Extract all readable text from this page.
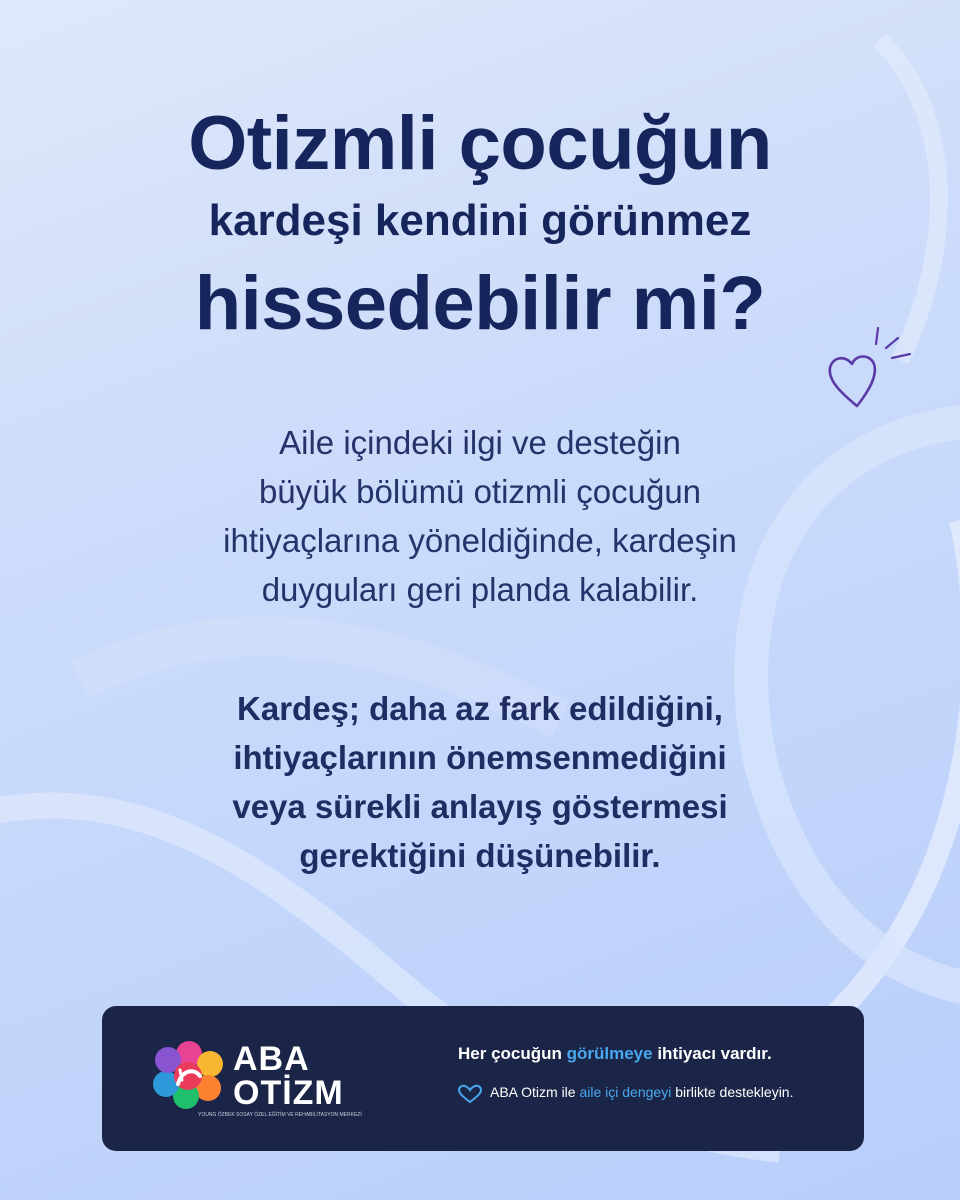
Otizmli çocuğun
kardeşi kendini görünmez
hissedebilir mi?
Aile içindeki ilgi ve desteğin
büyük bölümü otizmli çocuğun
ihtiyaçlarına yöneldiğinde, kardeşin
duyguları geri planda kalabilir.
Kardeş; daha az fark edildiğini,
ihtiyaçlarının önemsenmediğini
veya sürekli anlayış göstermesi
gerektiğini düşünebilir.
ABA
OTİZM
YOUNG ÖZBEK SOSAY ÖZEL EĞİTİM VE REHABİLİTASYON MERKEZİ
Her çocuğun görülmeye ihtiyacı vardır.
ABA Otizm ile aile içi dengeyi birlikte destekleyin.
